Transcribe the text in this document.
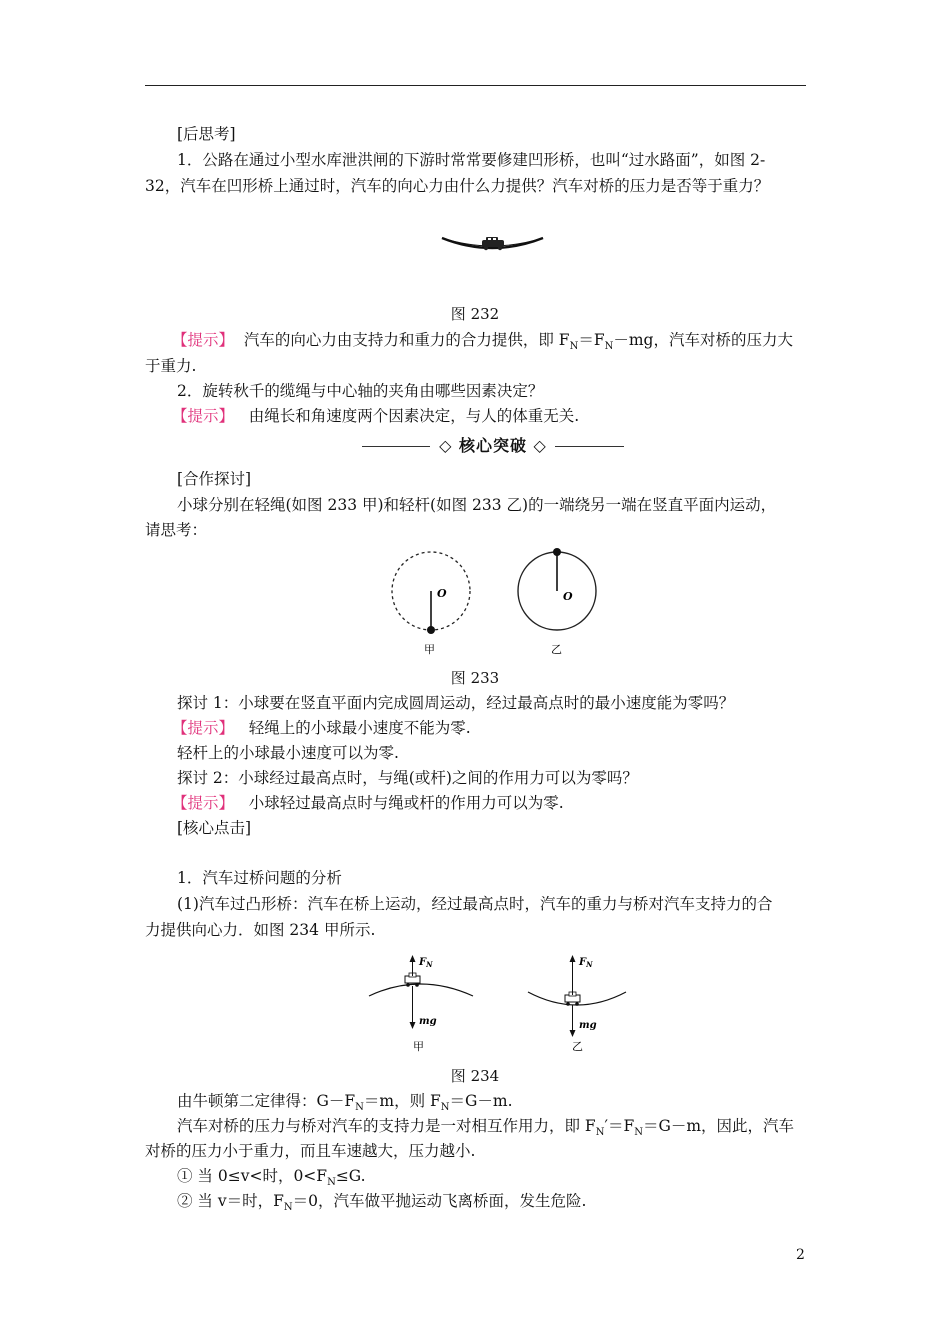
[后思考]
1．公路在通过小型水库泄洪闸的下游时常常要修建凹形桥，也叫“过水路面”，如图 2-
32，汽车在凹形桥上通过时，汽车的向心力由什么力提供？汽车对桥的压力是否等于重力？
图 232
【提示】 汽车的向心力由支持力和重力的合力提供，即 $F_N=F_N-mg$，汽车对桥的压力大
于重力.
2．旋转秋千的缆绳与中心轴的夹角由哪些因素决定？
【提示】 由绳长和角速度两个因素决定，与人的体重无关.
◇ 核心突破 ◇
[合作探讨]
小球分别在轻绳(如图 233 甲)和轻杆(如图 233 乙)的一端绕另一端在竖直平面内运动，
请思考：
O
甲
O
乙
图 233
探讨 1：小球要在竖直平面内完成圆周运动，经过最高点时的最小速度能为零吗？
【提示】 轻绳上的小球最小速度不能为零.
轻杆上的小球最小速度可以为零.
探讨 2：小球经过最高点时，与绳(或杆)之间的作用力可以为零吗？
【提示】 小球轻过最高点时与绳或杆的作用力可以为零.
[核心点击]
1．汽车过桥问题的分析
(1)汽车过凸形桥：汽车在桥上运动，经过最高点时，汽车的重力与桥对汽车支持力的合
力提供向心力．如图 234 甲所示.
$F_N$
mg
甲
$F_N$
mg
乙
图 234
由牛顿第二定律得：$G-F_N=m$，则 $F_N=G-m$.
汽车对桥的压力与桥对汽车的支持力是一对相互作用力，即 $F_N'=F_N=G-m$，因此，汽车
对桥的压力小于重力，而且车速越大，压力越小.
① 当 0≤v<时，$0<F_N\le G$.
② 当 v＝时，$F_N=0$，汽车做平抛运动飞离桥面，发生危险.
2
